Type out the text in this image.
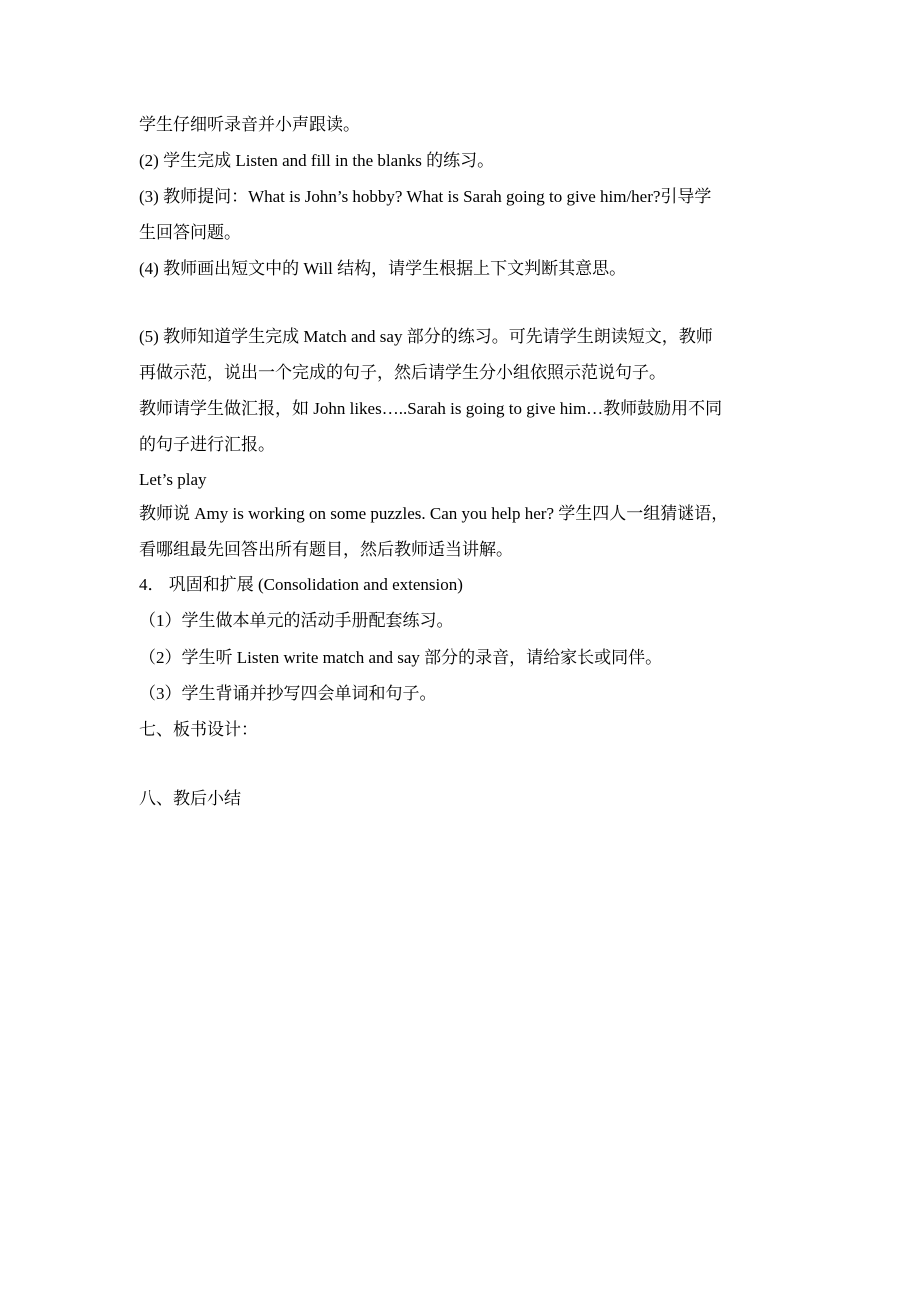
学生仔细听录音并小声跟读。
(2) 学生完成 Listen and fill in the blanks 的练习。
(3) 教师提问：What is John’s hobby? What is Sarah going to give him/her?引导学
生回答问题。
(4) 教师画出短文中的 Will 结构，请学生根据上下文判断其意思。
(5) 教师知道学生完成 Match and say 部分的练习。可先请学生朗读短文，教师
再做示范，说出一个完成的句子，然后请学生分小组依照示范说句子。
教师请学生做汇报，如 John likes…..Sarah is going to give him…教师鼓励用不同
的句子进行汇报。
Let’s play
教师说 Amy is working on some puzzles. Can you help her? 学生四人一组猜谜语，
看哪组最先回答出所有题目，然后教师适当讲解。
4． 巩固和扩展 (Consolidation and extension)
（1）学生做本单元的活动手册配套练习。
（2）学生听 Listen write match and say 部分的录音，请给家长或同伴。
（3）学生背诵并抄写四会单词和句子。
七、板书设计：
八、教后小结
